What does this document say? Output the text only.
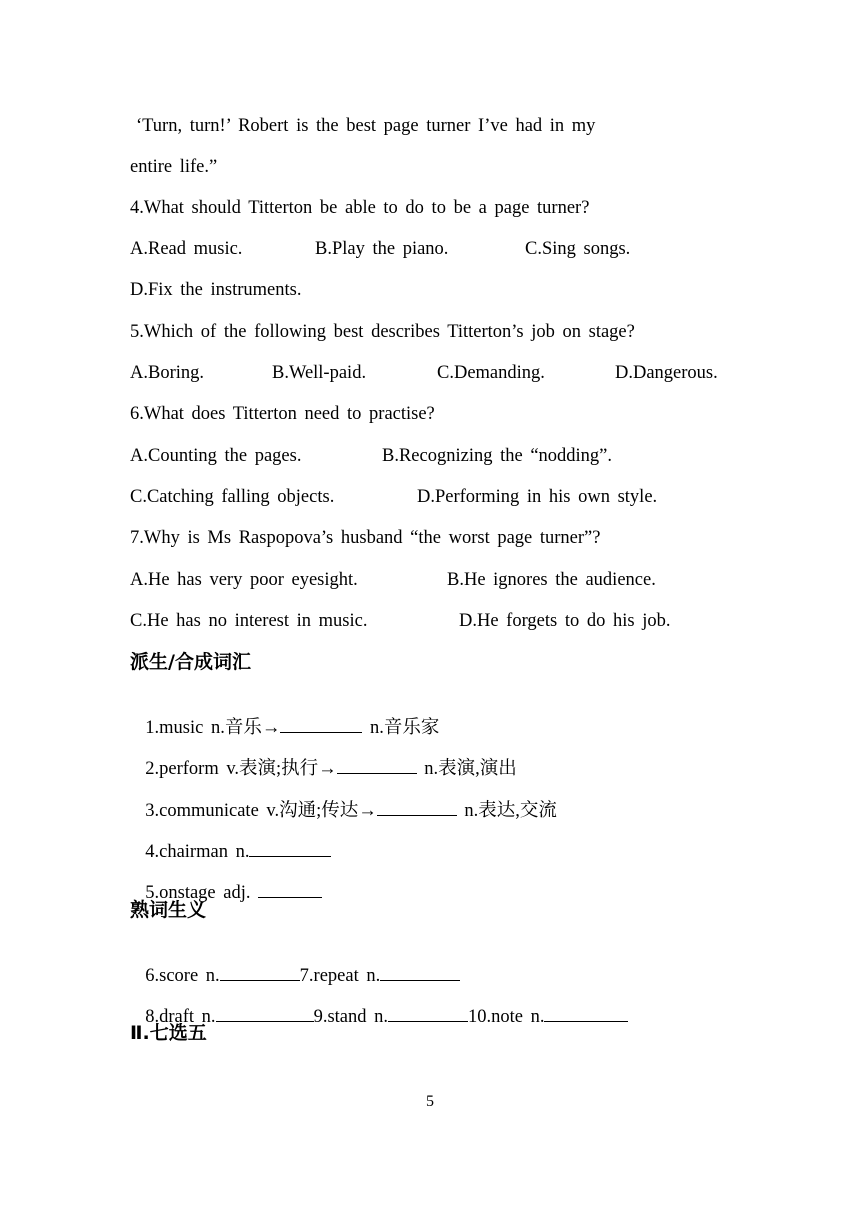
‘Turn, turn!’ Robert is the best page turner I’ve had in my
entire life.”
4.What should Titterton be able to do to be a page turner?
A.Read music.	B.Play the piano.	C.Sing songs.
D.Fix the instruments.
5.Which of the following best describes Titterton’s job on stage?
A.Boring.	B.Well-paid.	C.Demanding.	D.Dangerous.
6.What does Titterton need to practise?
A.Counting the pages.	B.Recognizing the “nodding”.
C.Catching falling objects.	D.Performing in his own style.
7.Why is Ms Raspopova’s husband “the worst page turner”?
A.He has very poor eyesight.	B.He ignores the audience.
C.He has no interest in music.	D.He forgets to do his job.
派生/合成词汇

1.music n.音乐→	n.音乐家

2.perform v.表演;执行→	n.表演,演出

3.communicate v.沟通;传达→	n.表达,交流

4.chairman n.

5.onstage adj.

熟词生义

6.score n.	7.repeat n.

8.draft n.	9.stand n.	10.note n.

Ⅱ.七选五
5
